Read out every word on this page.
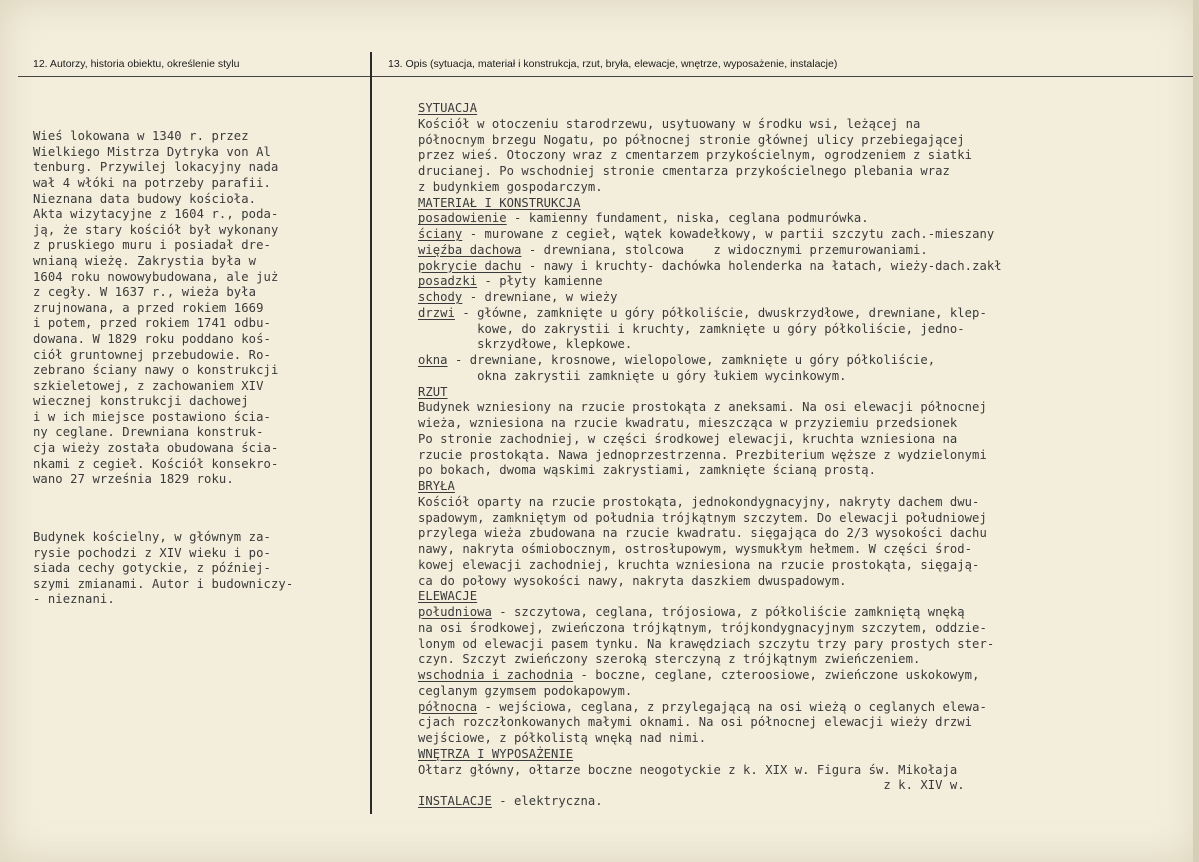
12. Autorzy, historia obiektu, określenie stylu	13. Opis (sytuacja, materiał i konstrukcja, rzut, bryła, elewacje, wnętrze, wyposażenie, instalacje)

Wieś lokowana w 1340 r. przez
Wielkiego Mistrza Dytryka von Al
tenburg. Przywilej lokacyjny nada
wał 4 włóki na potrzeby parafii.
Nieznana data budowy kościoła.
Akta wizytacyjne z 1604 r., poda-
ją, że stary kościół był wykonany
z pruskiego muru i posiadał dre-
wnianą wieżę. Zakrystia była w
1604 roku nowowybudowana, ale już
z cegły. W 1637 r., wieża była
zrujnowana, a przed rokiem 1669
i potem, przed rokiem 1741 odbu-
dowana. W 1829 roku poddano koś-
ciół gruntownej przebudowie. Ro-
zebrano ściany nawy o konstrukcji
szkieletowej, z zachowaniem XIV
wiecznej konstrukcji dachowej
i w ich miejsce postawiono ścia-
ny ceglane. Drewniana konstruk-
cja wieży została obudowana ścia-
nkami z cegieł. Kościół konsekro-
wano 27 września 1829 roku.

Budynek kościelny, w głównym za-
rysie pochodzi z XIV wieku i po-
siada cechy gotyckie, z później-
szymi zmianami. Autor i budowniczy-
- nieznani.

SYTUACJA
Kościół w otoczeniu starodrzewu, usytuowany w środku wsi, leżącej na
północnym brzegu Nogatu, po północnej stronie głównej ulicy przebiegającej
przez wieś. Otoczony wraz z cmentarzem przykościelnym, ogrodzeniem z siatki
drucianej. Po wschodniej stronie cmentarza przykościelnego plebania wraz
z budynkiem gospodarczym.
MATERIAŁ I KONSTRUKCJA
posadowienie - kamienny fundament, niska, ceglana podmurówka.
ściany - murowane z cegieł, wątek kowadełkowy, w partii szczytu zach.-mieszany
więźba dachowa - drewniana, stolcowa    z widocznymi przemurowaniami.
pokrycie dachu - nawy i kruchty- dachówka holenderka na łatach, wieży-dach.zakł
posadzki - płyty kamienne
schody - drewniane, w wieży
drzwi - główne, zamknięte u góry półkoliście, dwuskrzydłowe, drewniane, klep-
kowe, do zakrystii i kruchty, zamknięte u góry półkoliście, jedno-
skrzydłowe, klepkowe.
okna - drewniane, krosnowe, wielopolowe, zamknięte u góry półkoliście,
okna zakrystii zamknięte u góry łukiem wycinkowym.
RZUT
Budynek wzniesiony na rzucie prostokąta z aneksami. Na osi elewacji północnej
wieża, wzniesiona na rzucie kwadratu, mieszcząca w przyziemiu przedsionek
Po stronie zachodniej, w części środkowej elewacji, kruchta wzniesiona na
rzucie prostokąta. Nawa jednoprzestrzenna. Prezbiterium węższe z wydzielonymi
po bokach, dwoma wąskimi zakrystiami, zamknięte ścianą prostą.
BRYŁA
Kościół oparty na rzucie prostokąta, jednokondygnacyjny, nakryty dachem dwu-
spadowym, zamkniętym od południa trójkątnym szczytem. Do elewacji południowej
przylega wieża zbudowana na rzucie kwadratu. sięgająca do 2/3 wysokości dachu
nawy, nakryta ośmiobocznym, ostrosłupowym, wysmukłym hełmem. W części środ-
kowej elewacji zachodniej, kruchta wzniesiona na rzucie prostokąta, sięgają-
ca do połowy wysokości nawy, nakryta daszkiem dwuspadowym.
ELEWACJE
południowa - szczytowa, ceglana, trójosiowa, z półkoliście zamkniętą wnęką
na osi środkowej, zwieńczona trójkątnym, trójkondygnacyjnym szczytem, oddzie-
lonym od elewacji pasem tynku. Na krawędziach szczytu trzy pary prostych ster-
czyn. Szczyt zwieńczony szeroką sterczyną z trójkątnym zwieńczeniem.
wschodnia i zachodnia - boczne, ceglane, czteroosiowe, zwieńczone uskokowym,
ceglanym gzymsem podokapowym.
północna - wejściowa, ceglana, z przylegającą na osi wieżą o ceglanych elewa-
cjach rozczłonkowanych małymi oknami. Na osi północnej elewacji wieży drzwi
wejściowe, z półkolistą wnęką nad nimi.
WNĘTRZA I WYPOSAŻENIE
Ołtarz główny, ołtarze boczne neogotyckie z k. XIX w. Figura św. Mikołaja
z k. XIV w.
INSTALACJE - elektryczna.
